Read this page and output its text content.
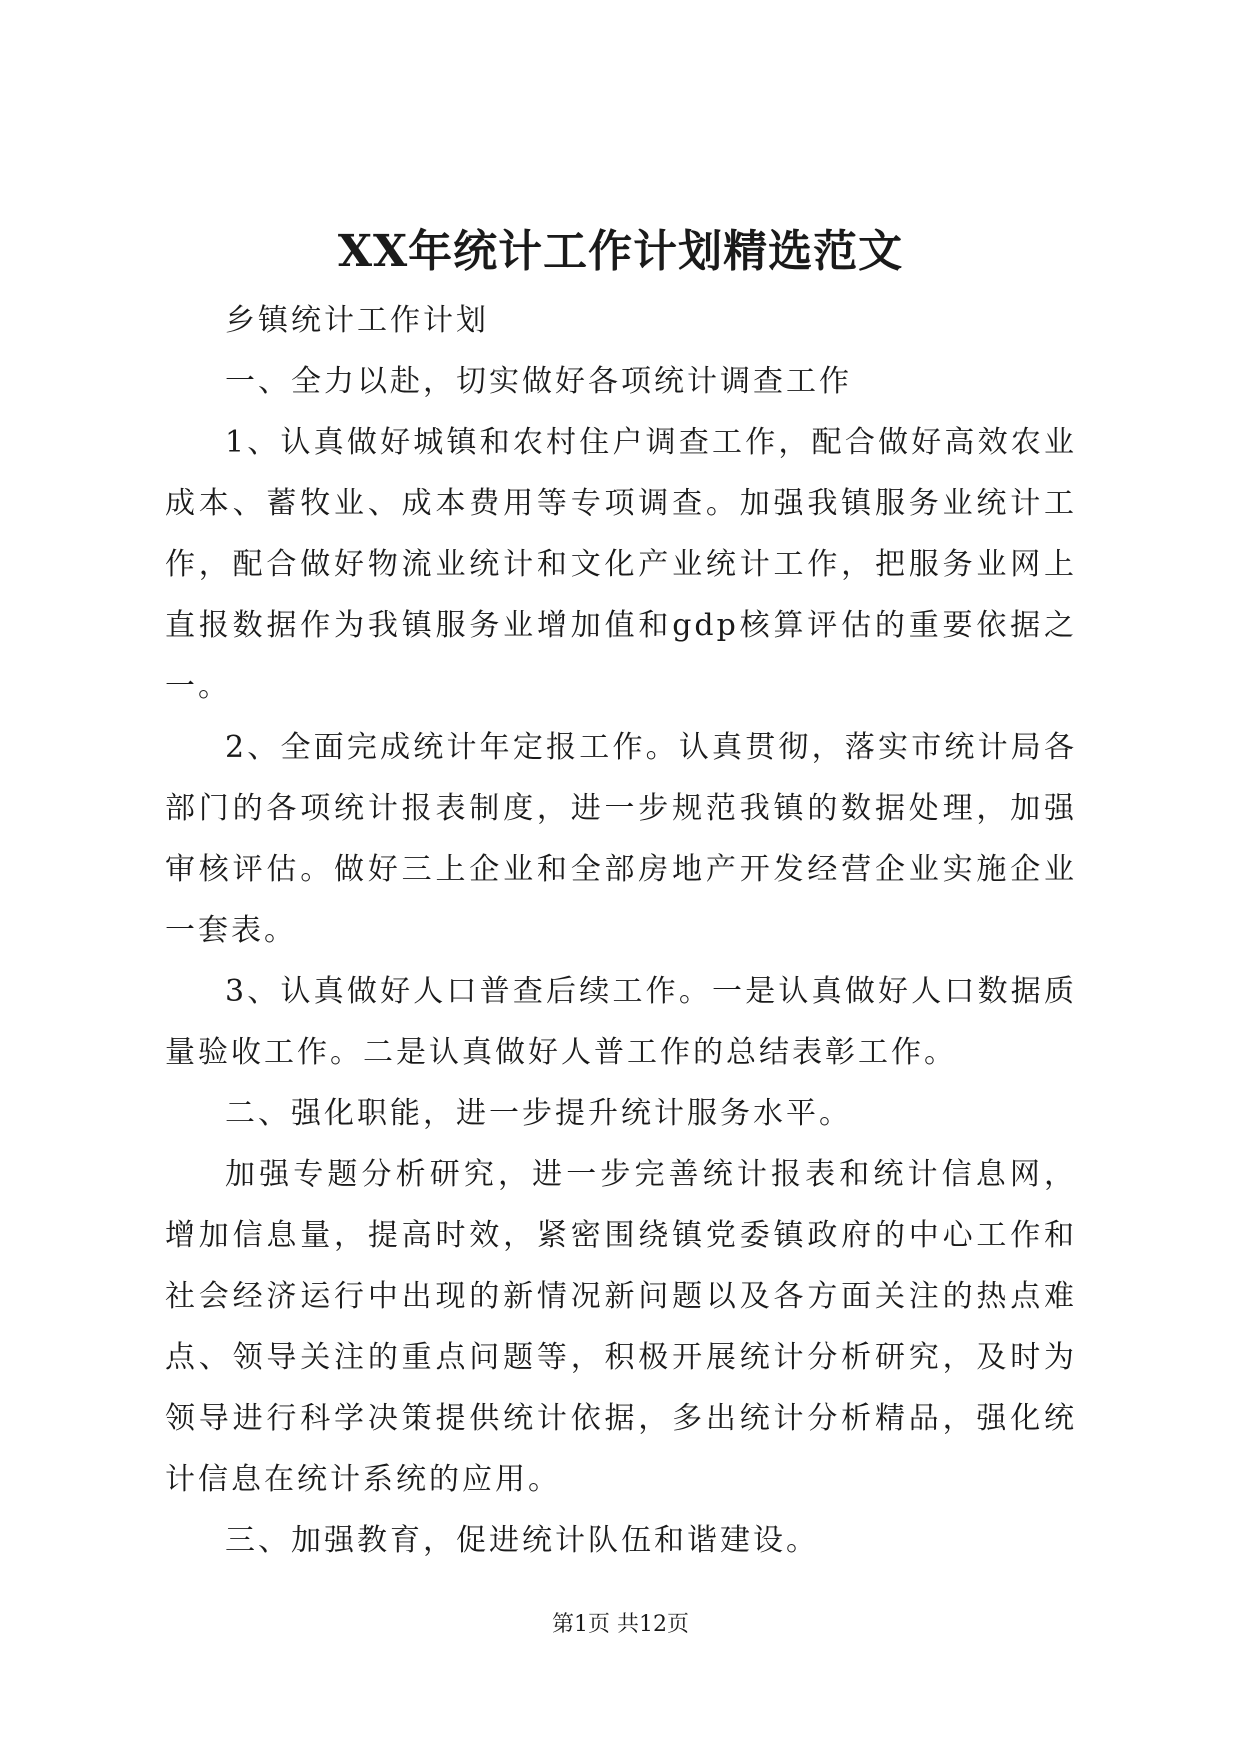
XX年统计工作计划精选范文

乡镇统计工作计划

一、全力以赴，切实做好各项统计调查工作

1、认真做好城镇和农村住户调查工作，配合做好高效农业成本、蓄牧业、成本费用等专项调查。加强我镇服务业统计工作，配合做好物流业统计和文化产业统计工作，把服务业网上直报数据作为我镇服务业增加值和gdp核算评估的重要依据之一。

2、全面完成统计年定报工作。认真贯彻，落实市统计局各部门的各项统计报表制度，进一步规范我镇的数据处理，加强审核评估。做好三上企业和全部房地产开发经营企业实施企业一套表。

3、认真做好人口普查后续工作。一是认真做好人口数据质量验收工作。二是认真做好人普工作的总结表彰工作。

二、强化职能，进一步提升统计服务水平。

加强专题分析研究，进一步完善统计报表和统计信息网，增加信息量，提高时效，紧密围绕镇党委镇政府的中心工作和社会经济运行中出现的新情况新问题以及各方面关注的热点难点、领导关注的重点问题等，积极开展统计分析研究，及时为领导进行科学决策提供统计依据，多出统计分析精品，强化统计信息在统计系统的应用。

三、加强教育，促进统计队伍和谐建设。

第1页 共12页
